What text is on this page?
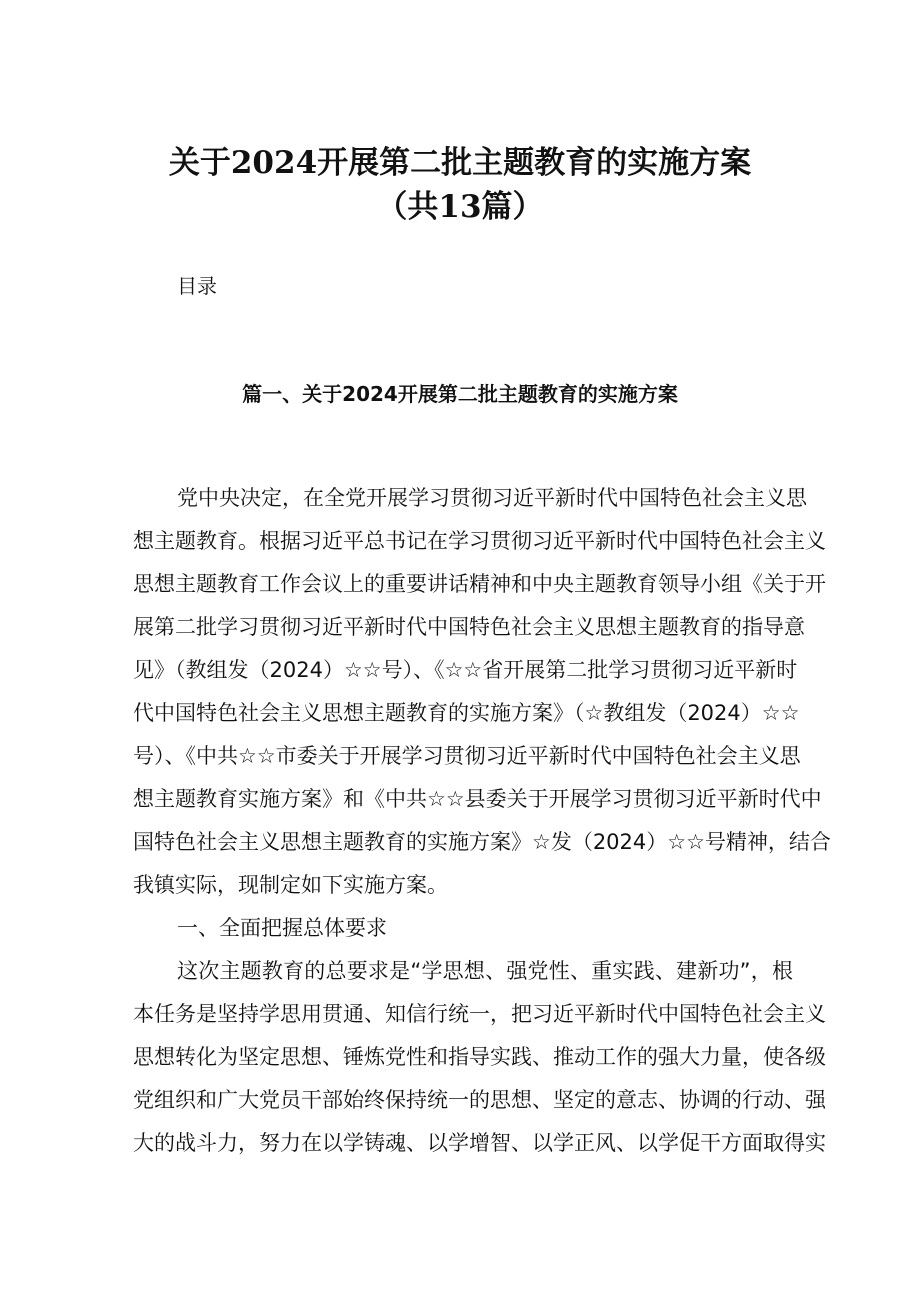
关于2024开展第二批主题教育的实施方案
（共13篇）

目录

篇一、关于2024开展第二批主题教育的实施方案

党中央决定，在全党开展学习贯彻习近平新时代中国特色社会主义思

想主题教育。根据习近平总书记在学习贯彻习近平新时代中国特色社会主义

思想主题教育工作会议上的重要讲话精神和中央主题教育领导小组《关于开

展第二批学习贯彻习近平新时代中国特色社会主义思想主题教育的指导意

见》（教组发（2024）☆☆号）、《☆☆省开展第二批学习贯彻习近平新时

代中国特色社会主义思想主题教育的实施方案》（☆教组发（2024）☆☆

号）、《中共☆☆市委关于开展学习贯彻习近平新时代中国特色社会主义思

想主题教育实施方案》和《中共☆☆县委关于开展学习贯彻习近平新时代中

国特色社会主义思想主题教育的实施方案》☆发（2024）☆☆号精神，结合

我镇实际，现制定如下实施方案。

一、全面把握总体要求

这次主题教育的总要求是“学思想、强党性、重实践、建新功”，根

本任务是坚持学思用贯通、知信行统一，把习近平新时代中国特色社会主义

思想转化为坚定思想、锤炼党性和指导实践、推动工作的强大力量，使各级

党组织和广大党员干部始终保持统一的思想、坚定的意志、协调的行动、强

大的战斗力，努力在以学铸魂、以学增智、以学正风、以学促干方面取得实
